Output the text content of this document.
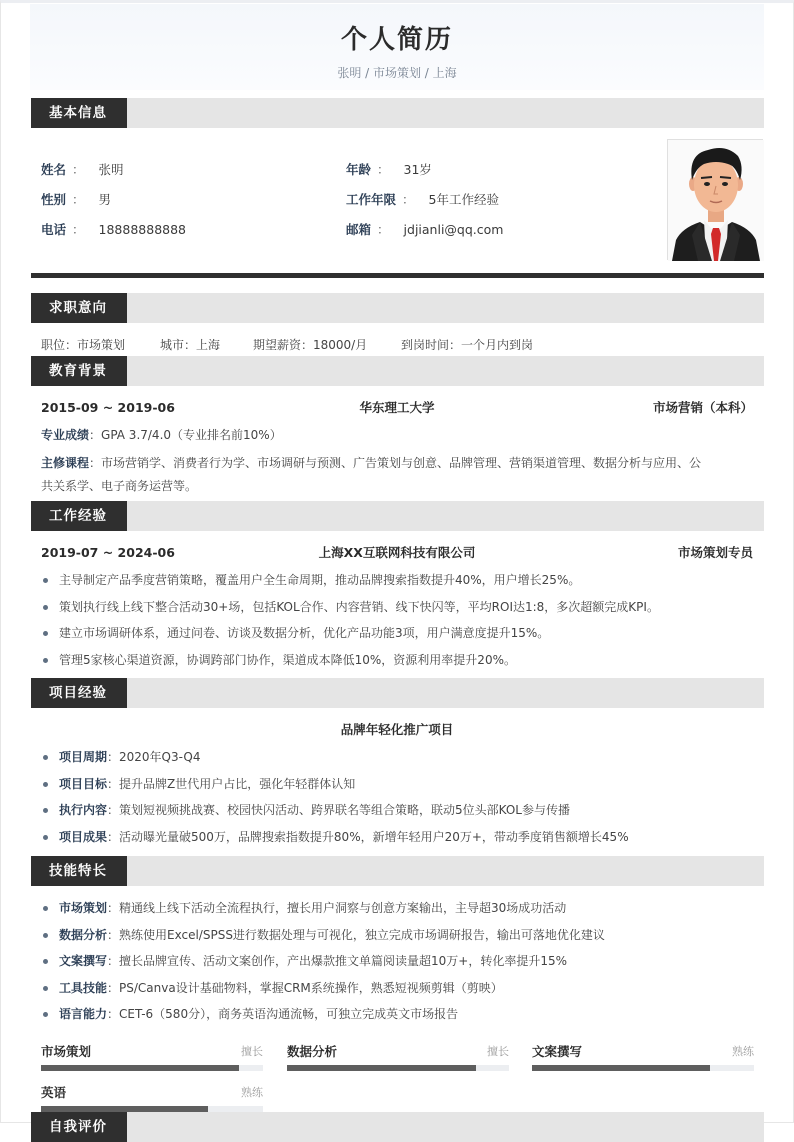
个人简历
张明 / 市场策划 / 上海
基本信息
姓名 ： 张明
性别 ： 男
电话 ： 18888888888
年龄 ： 31岁
工作年限 ： 5年工作经验
邮箱 ： jdjianli@qq.com
求职意向
职位：市场策划	城市：上海	期望薪资：18000/月	到岗时间：一个月内到岗
教育背景
2015-09 ~ 2019-06	华东理工大学	市场营销（本科）
专业成绩：GPA 3.7/4.0（专业排名前10%）
主修课程：市场营销学、消费者行为学、市场调研与预测、广告策划与创意、品牌管理、营销渠道管理、数据分析与应用、公
共关系学、电子商务运营等。
工作经验
2019-07 ~ 2024-06	上海XX互联网科技有限公司	市场策划专员
主导制定产品季度营销策略，覆盖用户全生命周期，推动品牌搜索指数提升40%，用户增长25%。
策划执行线上线下整合活动30+场，包括KOL合作、内容营销、线下快闪等，平均ROI达1:8，多次超额完成KPI。
建立市场调研体系，通过问卷、访谈及数据分析，优化产品功能3项，用户满意度提升15%。
管理5家核心渠道资源，协调跨部门协作，渠道成本降低10%，资源利用率提升20%。
项目经验
品牌年轻化推广项目
项目周期：2020年Q3-Q4
项目目标：提升品牌Z世代用户占比，强化年轻群体认知
执行内容：策划短视频挑战赛、校园快闪活动、跨界联名等组合策略，联动5位头部KOL参与传播
项目成果：活动曝光量破500万，品牌搜索指数提升80%，新增年轻用户20万+，带动季度销售额增长45%
技能特长
市场策划：精通线上线下活动全流程执行，擅长用户洞察与创意方案输出，主导超30场成功活动
数据分析：熟练使用Excel/SPSS进行数据处理与可视化，独立完成市场调研报告，输出可落地优化建议
文案撰写：擅长品牌宣传、活动文案创作，产出爆款推文单篇阅读量超10万+，转化率提升15%
工具技能：PS/Canva设计基础物料，掌握CRM系统操作，熟悉短视频剪辑（剪映）
语言能力：CET-6（580分），商务英语沟通流畅，可独立完成英文市场报告
市场策划	擅长 数据分析	擅长 文案撰写	熟练
英语	熟练
自我评价
